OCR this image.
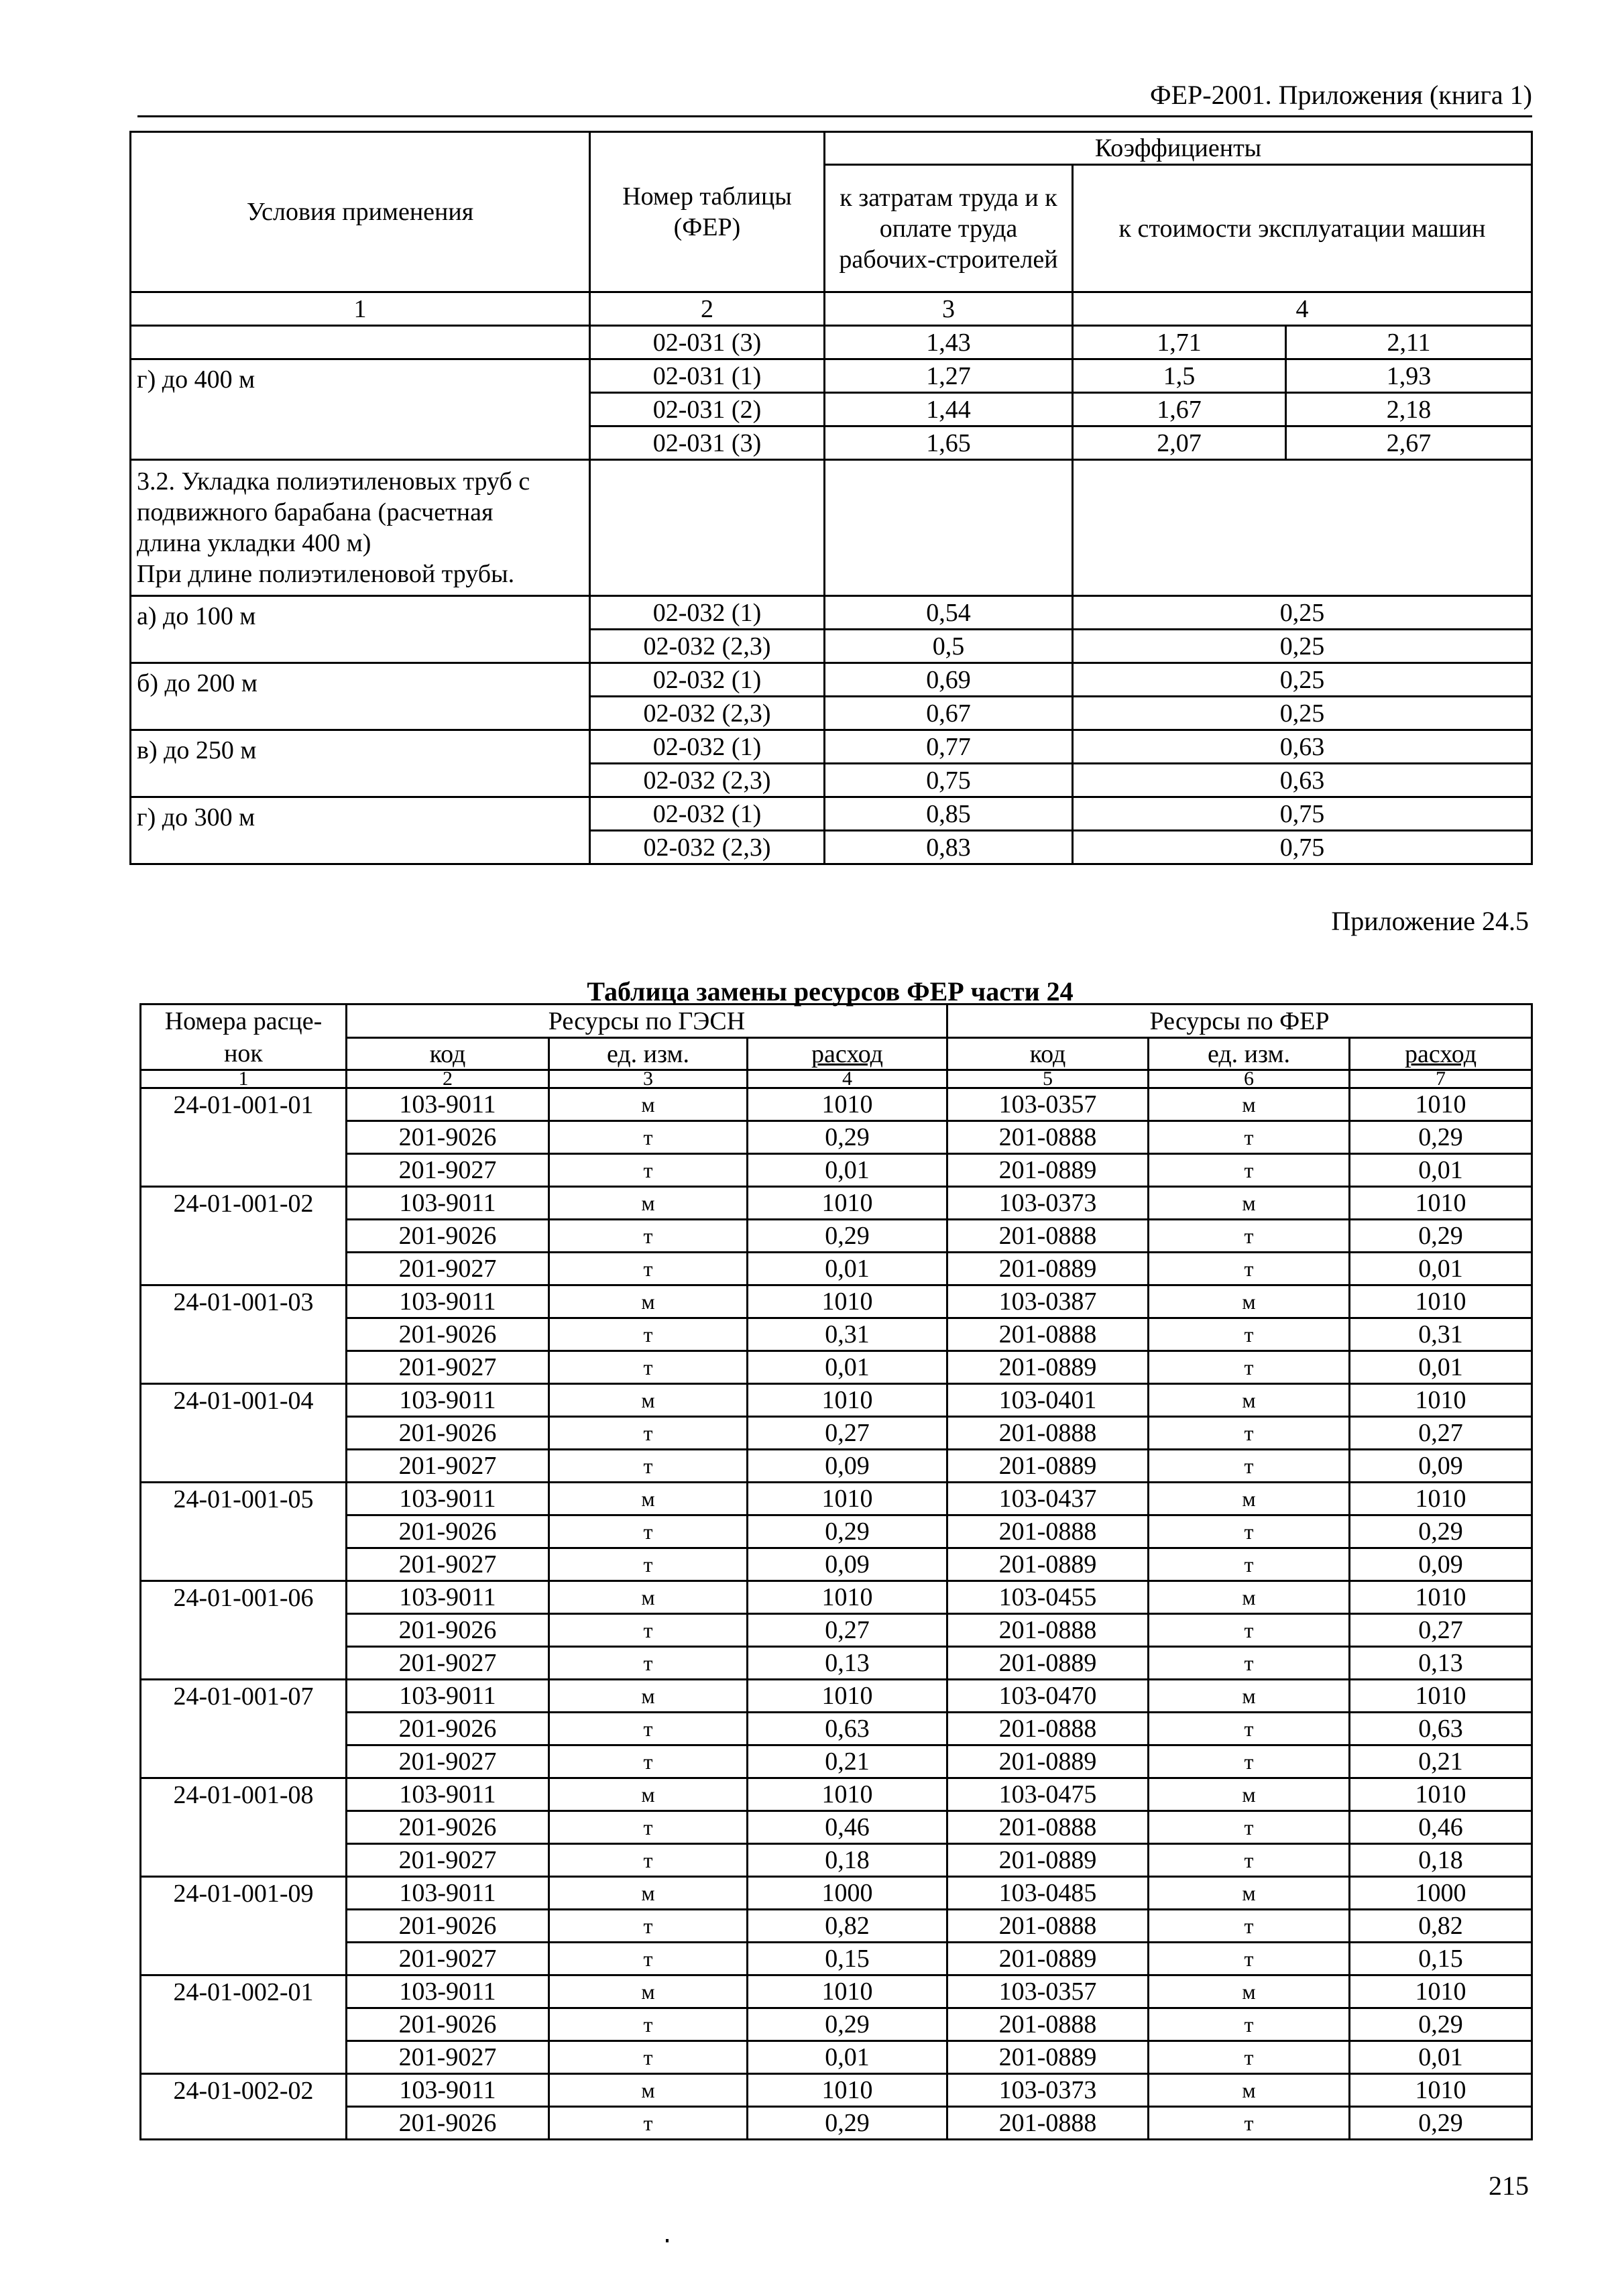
ФЕР-2001. Приложения (книга 1)
Условия применения	Номер таблицы (ФЕР)	Коэффициенты		
		к затратам труда и к оплате труда рабочих-строителей	к стоимости эксплуатации машин	
1	2	3	4	
	02-031 (3)	1,43	1,71	2,11
г) до 400 м	02-031 (1)	1,27	1,5	1,93
	02-031 (2)	1,44	1,67	2,18
	02-031 (3)	1,65	2,07	2,67

3.2. Укладка полиэтиленовых труб с
подвижного барабана (расчетная
длина укладки 400 м)
При длине полиэтиленовой трубы.				

а) до 100 м	02-032 (1)	0,54	0,25	
	02-032 (2,3)	0,5	0,25	
б) до 200 м	02-032 (1)	0,69	0,25	
	02-032 (2,3)	0,67	0,25	
в) до 250 м	02-032 (1)	0,77	0,63	
	02-032 (2,3)	0,75	0,63	
г) до 300 м	02-032 (1)	0,85	0,75	
	02-032 (2,3)	0,83	0,75	
Приложение 24.5
Таблица замены ресурсов ФЕР части 24
Номера расце-	Ресурсы по ГЭСН			Ресурсы по ФЕР		
нок	код	ед. изм.	расход	код	ед. изм.	расход
1	2	3	4	5	6	7
24-01-001-01	103-9011	м	1010	103-0357	м	1010
	201-9026	т	0,29	201-0888	т	0,29
	201-9027	т	0,01	201-0889	т	0,01
24-01-001-02	103-9011	м	1010	103-0373	м	1010
	201-9026	т	0,29	201-0888	т	0,29
	201-9027	т	0,01	201-0889	т	0,01
24-01-001-03	103-9011	м	1010	103-0387	м	1010
	201-9026	т	0,31	201-0888	т	0,31
	201-9027	т	0,01	201-0889	т	0,01
24-01-001-04	103-9011	м	1010	103-0401	м	1010
	201-9026	т	0,27	201-0888	т	0,27
	201-9027	т	0,09	201-0889	т	0,09
24-01-001-05	103-9011	м	1010	103-0437	м	1010
	201-9026	т	0,29	201-0888	т	0,29
	201-9027	т	0,09	201-0889	т	0,09
24-01-001-06	103-9011	м	1010	103-0455	м	1010
	201-9026	т	0,27	201-0888	т	0,27
	201-9027	т	0,13	201-0889	т	0,13
24-01-001-07	103-9011	м	1010	103-0470	м	1010
	201-9026	т	0,63	201-0888	т	0,63
	201-9027	т	0,21	201-0889	т	0,21
24-01-001-08	103-9011	м	1010	103-0475	м	1010
	201-9026	т	0,46	201-0888	т	0,46
	201-9027	т	0,18	201-0889	т	0,18
24-01-001-09	103-9011	м	1000	103-0485	м	1000
	201-9026	т	0,82	201-0888	т	0,82
	201-9027	т	0,15	201-0889	т	0,15
24-01-002-01	103-9011	м	1010	103-0357	м	1010
	201-9026	т	0,29	201-0888	т	0,29
	201-9027	т	0,01	201-0889	т	0,01
24-01-002-02	103-9011	м	1010	103-0373	м	1010
	201-9026	т	0,29	201-0888	т	0,29
215
